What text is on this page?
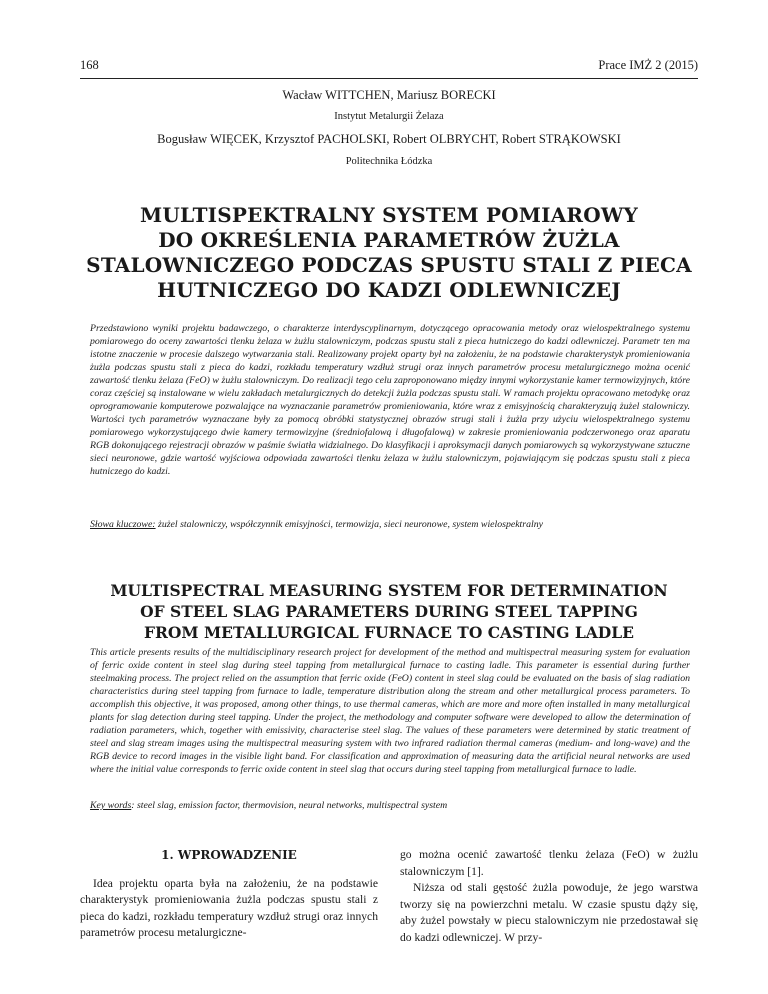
168	Prace IMŻ 2 (2015)
Wacław WITTCHEN, Mariusz BORECKI
Instytut Metalurgii Żelaza
Bogusław WIĘCEK, Krzysztof PACHOLSKI, Robert OLBRYCHT, Robert STRĄKOWSKI
Politechnika Łódzka
MULTISPEKTRALNY SYSTEM POMIAROWY
DO OKREŚLENIA PARAMETRÓW ŻUŻLA
STALOWNICZEGO PODCZAS SPUSTU STALI Z PIECA
HUTNICZEGO DO KADZI ODLEWNICZEJ
Przedstawiono wyniki projektu badawczego, o charakterze interdyscyplinarnym, dotyczącego opracowania metody oraz wielospektralnego systemu pomiarowego do oceny zawartości tlenku żelaza w żużlu stalowniczym, podczas spustu stali z pieca hutniczego do kadzi odlewniczej. Parametr ten ma istotne znaczenie w procesie dalszego wytwarzania stali. Realizowany projekt oparty był na założeniu, że na podstawie charakterystyk promieniowania żużla podczas spustu stali z pieca do kadzi, rozkładu temperatury wzdłuż strugi oraz innych parametrów procesu metalurgicznego można ocenić zawartość tlenku żelaza (FeO) w żużlu stalowniczym. Do realizacji tego celu zaproponowano między innymi wykorzystanie kamer termowizyjnych, które coraz częściej są instalowane w wielu zakładach metalurgicznych do detekcji żużla podczas spustu stali. W ramach projektu opracowano metodykę oraz oprogramowanie komputerowe pozwalające na wyznaczanie parametrów promieniowania, które wraz z emisyjnością charakteryzują żużel stalowniczy. Wartości tych parametrów wyznaczane były za pomocą obróbki statystycznej obrazów strugi stali i żużla przy użyciu wielospektralnego systemu pomiarowego wykorzystującego dwie kamery termowizyjne (średniofalową i długofalową) w zakresie promieniowania podczerwonego oraz aparatu RGB dokonującego rejestracji obrazów w paśmie światła widzialnego. Do klasyfikacji i aproksymacji danych pomiarowych są wykorzystywane sztuczne sieci neuronowe, gdzie wartość wyjściowa odpowiada zawartości tlenku żelaza w żużlu stalowniczym, pojawiającym się podczas spustu stali z pieca hutniczego do kadzi.
Słowa kluczowe: żużel stalowniczy, współczynnik emisyjności, termowizja, sieci neuronowe, system wielospektralny
MULTISPECTRAL MEASURING SYSTEM FOR DETERMINATION
OF STEEL SLAG PARAMETERS DURING STEEL TAPPING
FROM METALLURGICAL FURNACE TO CASTING LADLE
This article presents results of the multidisciplinary research project for development of the method and multispectral measuring system for evaluation of ferric oxide content in steel slag during steel tapping from metallurgical furnace to casting ladle. This parameter is essential during further steelmaking process. The project relied on the assumption that ferric oxide (FeO) content in steel slag could be evaluated on the basis of slag radiation characteristics during steel tapping from furnace to ladle, temperature distribution along the stream and other metallurgical process parameters. To accomplish this objective, it was proposed, among other things, to use thermal cameras, which are more and more often installed in many metallurgical plants for slag detection during steel tapping. Under the project, the methodology and computer software were developed to allow the determination of radiation parameters, which, together with emissivity, characterise steel slag. The values of these parameters were determined by static treatment of steel and slag stream images using the multispectral measuring system with two infrared radiation thermal cameras (medium- and long-wave) and the RGB device to record images in the visible light band. For classification and approximation of measuring data the artificial neural networks are used where the initial value corresponds to ferric oxide content in steel slag that occurs during steel tapping from metallurgical furnace to ladle.
Key words: steel slag, emission factor, thermovision, neural networks, multispectral system
1. WPROWADZENIE

Idea projektu oparta była na założeniu, że na podstawie charakterystyk promieniowania żużla podczas spustu stali z pieca do kadzi, rozkładu temperatury wzdłuż strugi oraz innych parametrów procesu metalurgiczne-

go można ocenić zawartość tlenku żelaza (FeO) w żużlu stalowniczym [1].

Niższa od stali gęstość żużla powoduje, że jego warstwa tworzy się na powierzchni metalu. W czasie spustu dąży się, aby żużel powstały w piecu stalowniczym nie przedostawał się do kadzi odlewniczej. W przy-
